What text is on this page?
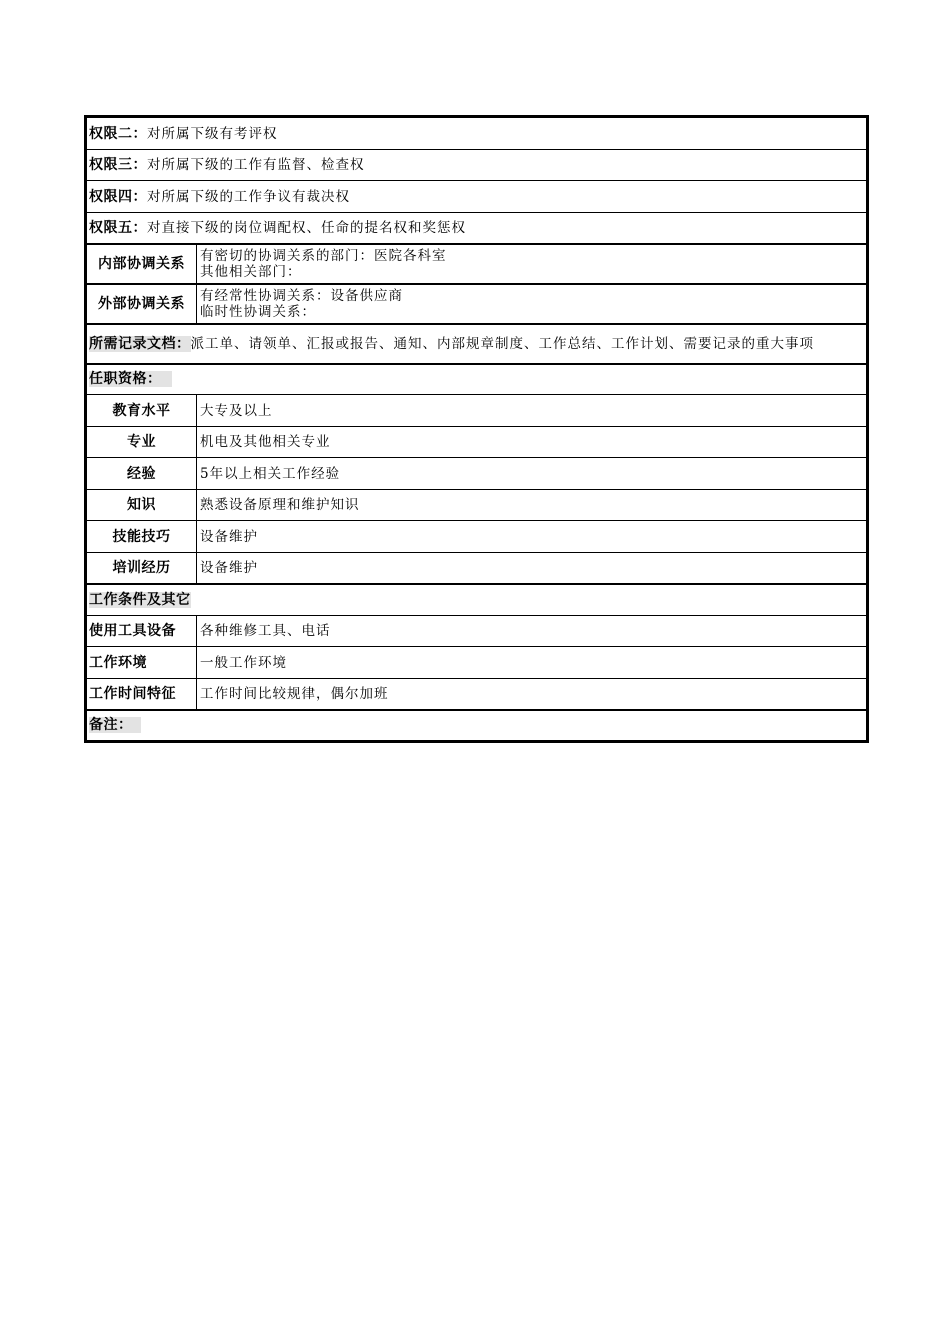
权限二：对所属下级有考评权	
权限三：对所属下级的工作有监督、检查权	
权限四：对所属下级的工作争议有裁决权	
权限五：对直接下级的岗位调配权、任命的提名权和奖惩权	
内部协调关系	有密切的协调关系的部门：医院各科室
其他相关部门：

外部协调关系	有经常性协调关系：设备供应商
临时性协调关系：

所需记录文档：派工单、请领单、汇报或报告、通知、内部规章制度、工作总结、工作计划、需要记录的重大事项	
任职资格：	
教育水平	大专及以上
专业	机电及其他相关专业
经验	5年以上相关工作经验
知识	熟悉设备原理和维护知识
技能技巧	设备维护
培训经历	设备维护
工作条件及其它	
使用工具设备	各种维修工具、电话
工作环境	一般工作环境
工作时间特征	工作时间比较规律，偶尔加班
备注：	
